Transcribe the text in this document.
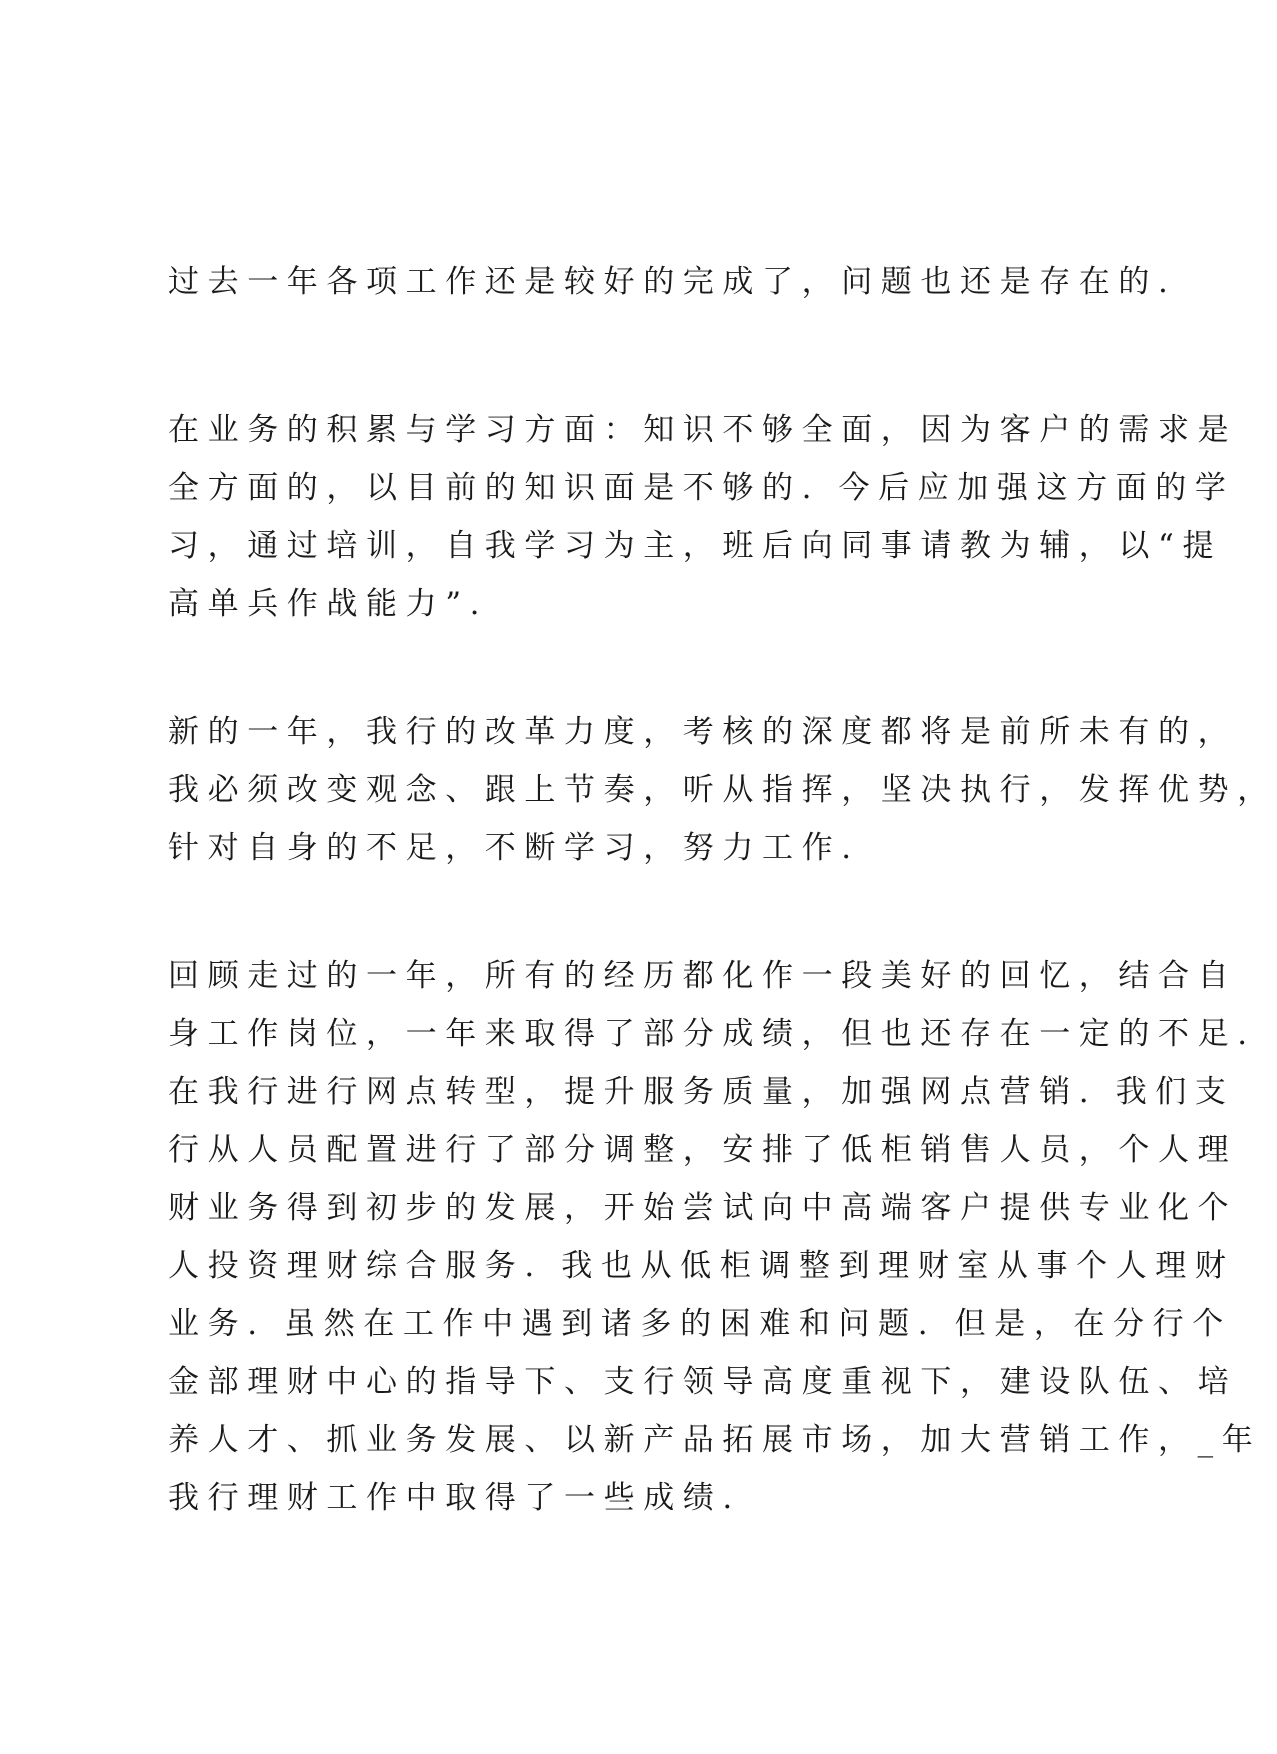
过去一年各项工作还是较好的完成了，问题也还是存在的.
在业务的积累与学习方面：知识不够全面，因为客户的需求是
全方面的，以目前的知识面是不够的. 今后应加强这方面的学
习，通过培训，自我学习为主，班后向同事请教为辅，以“提
高单兵作战能力”.
新的一年，我行的改革力度，考核的深度都将是前所未有的，
我必须改变观念、跟上节奏，听从指挥，坚决执行，发挥优势，
针对自身的不足，不断学习，努力工作.
回顾走过的一年，所有的经历都化作一段美好的回忆，结合自
身工作岗位，一年来取得了部分成绩，但也还存在一定的不足.
在我行进行网点转型，提升服务质量，加强网点营销. 我们支
行从人员配置进行了部分调整，安排了低柜销售人员，个人理
财业务得到初步的发展，开始尝试向中高端客户提供专业化个
人投资理财综合服务. 我也从低柜调整到理财室从事个人理财
业务. 虽然在工作中遇到诸多的困难和问题. 但是，在分行个
金部理财中心的指导下、支行领导高度重视下，建设队伍、培
养人才、抓业务发展、以新产品拓展市场，加大营销工作，_年
我行理财工作中取得了一些成绩.
